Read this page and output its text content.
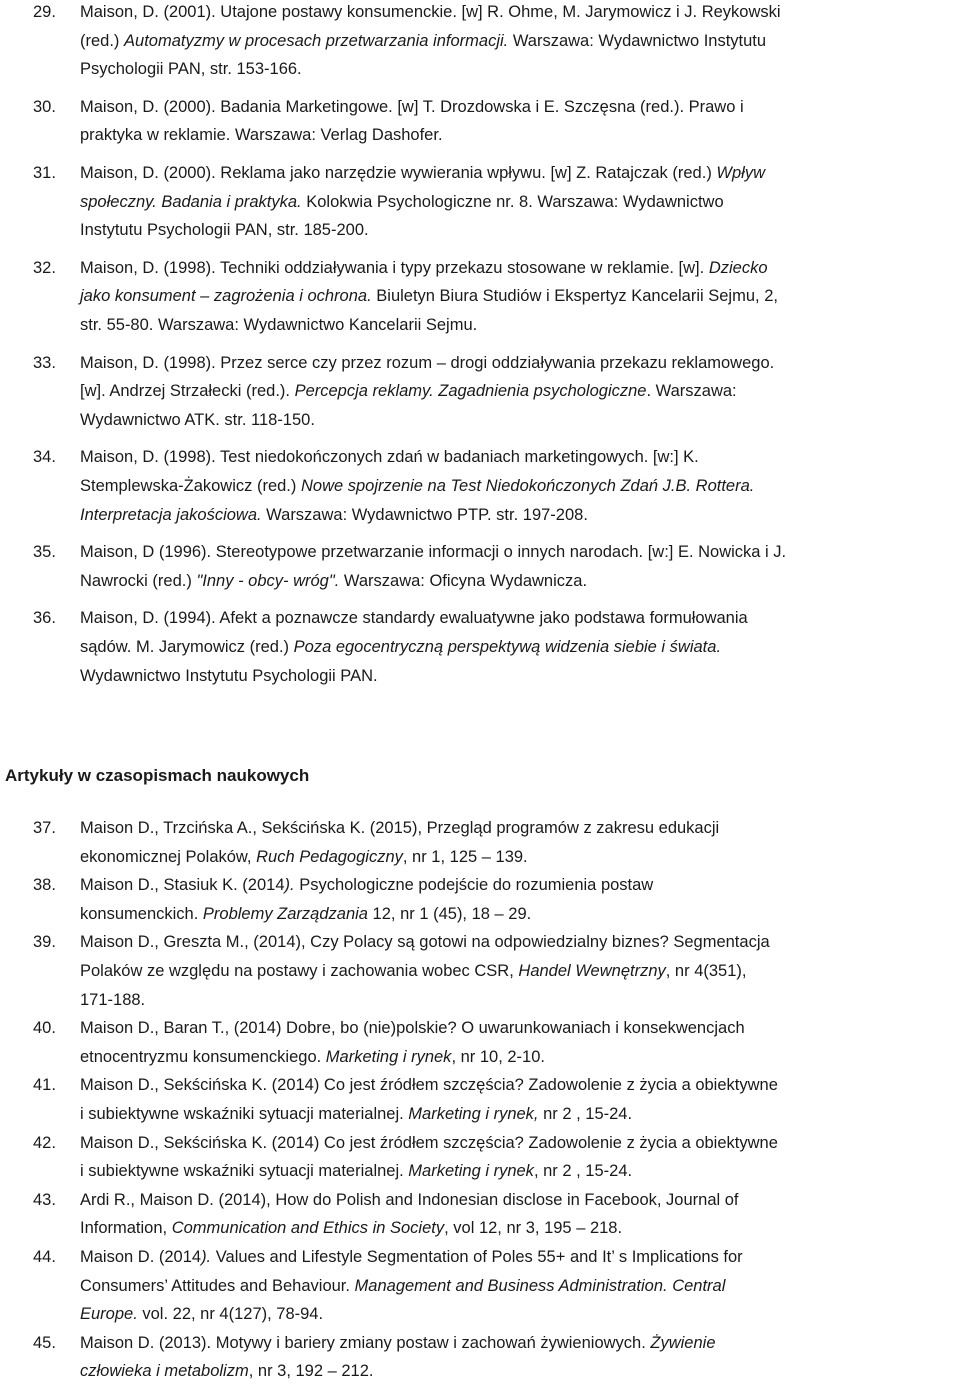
29. Maison, D. (2001). Utajone postawy konsumenckie. [w] R. Ohme, M. Jarymowicz i J. Reykowski
(red.) Automatyzmy w procesach przetwarzania informacji. Warszawa: Wydawnictwo Instytutu
Psychologii PAN, str. 153-166.
30. Maison, D. (2000). Badania Marketingowe. [w] T. Drozdowska i E. Szczęsna (red.). Prawo i
praktyka w reklamie. Warszawa: Verlag Dashofer.
31. Maison, D. (2000). Reklama jako narzędzie wywierania wpływu. [w] Z. Ratajczak (red.) Wpływ
społeczny. Badania i praktyka. Kolokwia Psychologiczne nr. 8. Warszawa: Wydawnictwo
Instytutu Psychologii PAN, str. 185-200.
32. Maison, D. (1998). Techniki oddziaływania i typy przekazu stosowane w reklamie. [w]. Dziecko
jako konsument – zagrożenia i ochrona. Biuletyn Biura Studiów i Ekspertyz Kancelarii Sejmu, 2,
str. 55-80. Warszawa: Wydawnictwo Kancelarii Sejmu.
33. Maison, D. (1998). Przez serce czy przez rozum – drogi oddziaływania przekazu reklamowego.
[w]. Andrzej Strzałecki (red.). Percepcja reklamy. Zagadnienia psychologiczne. Warszawa:
Wydawnictwo ATK. str. 118-150.
34. Maison, D. (1998). Test niedokończonych zdań w badaniach marketingowych. [w:] K.
Stemplewska-Żakowicz (red.) Nowe spojrzenie na Test Niedokończonych Zdań J.B. Rottera.
Interpretacja jakościowa. Warszawa: Wydawnictwo PTP. str. 197-208.
35. Maison, D (1996). Stereotypowe przetwarzanie informacji o innych narodach. [w:] E. Nowicka i J.
Nawrocki (red.) "Inny - obcy- wróg". Warszawa: Oficyna Wydawnicza.
36. Maison, D. (1994). Afekt a poznawcze standardy ewaluatywne jako podstawa formułowania
sądów. M. Jarymowicz (red.) Poza egocentryczną perspektywą widzenia siebie i świata.
Wydawnictwo Instytutu Psychologii PAN.
Artykuły w czasopismach naukowych
37. Maison D., Trzcińska A., Sekścińska K. (2015), Przegląd programów z zakresu edukacji
ekonomicznej Polaków, Ruch Pedagogiczny, nr 1, 125 – 139.
38. Maison D., Stasiuk K. (2014). Psychologiczne podejście do rozumienia postaw
konsumenckich. Problemy Zarządzania 12, nr 1 (45), 18 – 29.
39. Maison D., Greszta M., (2014), Czy Polacy są gotowi na odpowiedzialny biznes? Segmentacja
Polaków ze względu na postawy i zachowania wobec CSR, Handel Wewnętrzny, nr 4(351),
171-188.
40. Maison D., Baran T., (2014) Dobre, bo (nie)polskie? O uwarunkowaniach i konsekwencjach
etnocentryzmu konsumenckiego. Marketing i rynek, nr 10, 2-10.
41. Maison D., Sekścińska K. (2014) Co jest źródłem szczęścia? Zadowolenie z życia a obiektywne
i subiektywne wskaźniki sytuacji materialnej. Marketing i rynek, nr 2 , 15-24.
42. Maison D., Sekścińska K. (2014) Co jest źródłem szczęścia? Zadowolenie z życia a obiektywne
i subiektywne wskaźniki sytuacji materialnej. Marketing i rynek, nr 2 , 15-24.
43. Ardi R., Maison D. (2014), How do Polish and Indonesian disclose in Facebook, Journal of
Information, Communication and Ethics in Society, vol 12, nr 3, 195 – 218.
44. Maison D. (2014). Values and Lifestyle Segmentation of Poles 55+ and It’ s Implications for
Consumers’ Attitudes and Behaviour. Management and Business Administration. Central
Europe. vol. 22, nr 4(127), 78-94.
45. Maison D. (2013). Motywy i bariery zmiany postaw i zachowań żywieniowych. Żywienie
człowieka i metabolizm, nr 3, 192 – 212.
